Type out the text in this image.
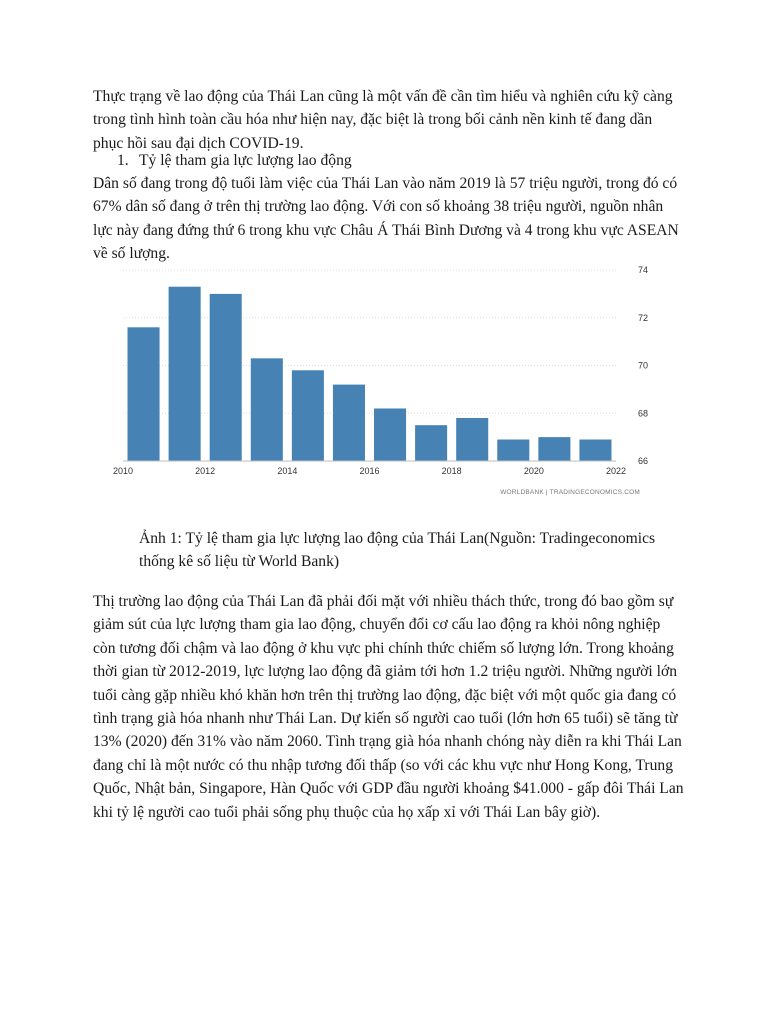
Thực trạng về lao động của Thái Lan cũng là một vấn đề cần tìm hiểu và nghiên cứu kỹ càng trong tình hình toàn cầu hóa như hiện nay, đặc biệt là trong bối cảnh nền kinh tế đang dần phục hồi sau đại dịch COVID-19.

1. Tỷ lệ tham gia lực lượng lao động

Dân số đang trong độ tuổi làm việc của Thái Lan vào năm 2019 là 57 triệu người, trong đó có 67% dân số đang ở trên thị trường lao động. Với con số khoảng 38 triệu người, nguồn nhân lực này đang đứng thứ 6 trong khu vực Châu Á Thái Bình Dương và 4 trong khu vực ASEAN về số lượng.

66
68
70
72
74
2010	2012	2014	2016	2018	2020	2022
WORLDBANK | TRADINGECONOMICS.COM

Ảnh 1: Tỷ lệ tham gia lực lượng lao động của Thái Lan(Nguồn: Tradingeconomics thống kê số liệu từ World Bank)

Thị trường lao động của Thái Lan đã phải đối mặt với nhiều thách thức, trong đó bao gồm sự giảm sút của lực lượng tham gia lao động, chuyển đổi cơ cấu lao động ra khỏi nông nghiệp còn tương đối chậm và lao động ở khu vực phi chính thức chiếm số lượng lớn. Trong khoảng thời gian từ 2012-2019, lực lượng lao động đã giảm tới hơn 1.2 triệu người. Những người lớn tuổi càng gặp nhiều khó khăn hơn trên thị trường lao động, đặc biệt với một quốc gia đang có tình trạng già hóa nhanh như Thái Lan. Dự kiến số người cao tuổi (lớn hơn 65 tuổi) sẽ tăng từ 13% (2020) đến 31% vào năm 2060. Tình trạng già hóa nhanh chóng này diễn ra khi Thái Lan đang chỉ là một nước có thu nhập tương đối thấp (so với các khu vực như Hong Kong, Trung Quốc, Nhật bản, Singapore, Hàn Quốc với GDP đầu người khoảng $41.000 - gấp đôi Thái Lan khi tỷ lệ người cao tuổi phải sống phụ thuộc của họ xấp xỉ với Thái Lan bây giờ).
